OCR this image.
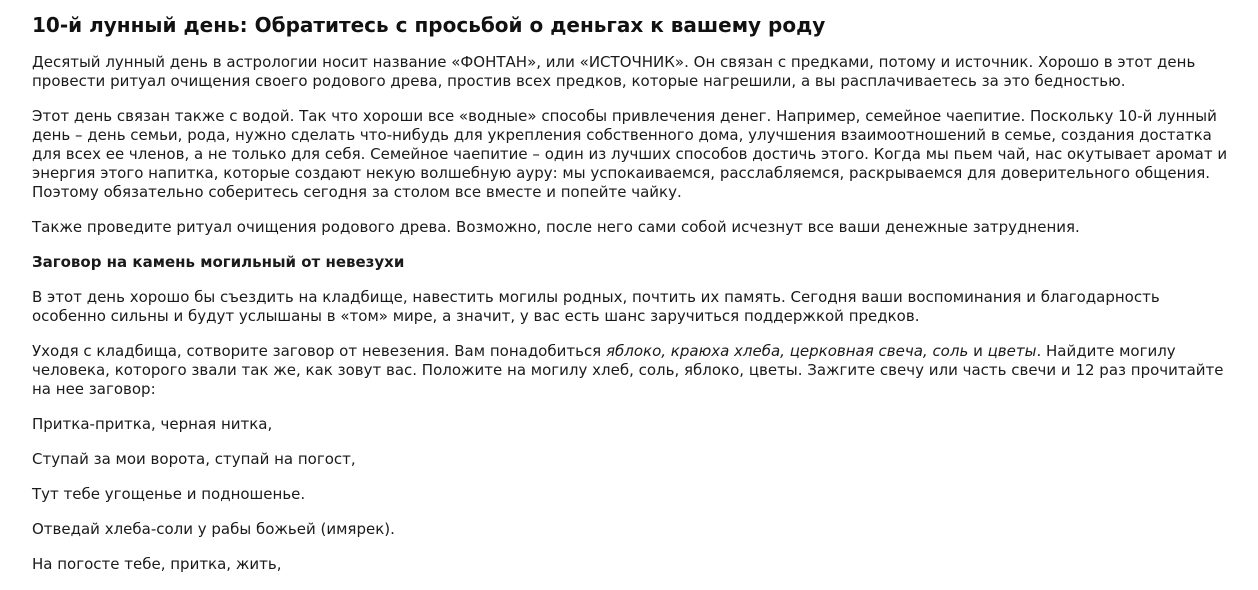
10-й лунный день: Обратитесь с просьбой о деньгах к вашему роду

Десятый лунный день в астрологии носит название «ФОНТАН», или «ИСТОЧНИК». Он связан с предками, потому и источник. Хорошо в этот день провести ритуал очищения своего родового древа, простив всех предков, которые нагрешили, а вы расплачиваетесь за это бедностью.

Этот день связан также с водой. Так что хороши все «водные» способы привлечения денег. Например, семейное чаепитие. Поскольку 10-й лунный день – день семьи, рода, нужно сделать что-нибудь для укрепления собственного дома, улучшения взаимоотношений в семье, создания достатка для всех ее членов, а не только для себя. Семейное чаепитие – один из лучших способов достичь этого. Когда мы пьем чай, нас окутывает аромат и энергия этого напитка, которые создают некую волшебную ауру: мы успокаиваемся, расслабляемся, раскрываемся для доверительного общения. Поэтому обязательно соберитесь сегодня за столом все вместе и попейте чайку.

Также проведите ритуал очищения родового древа. Возможно, после него сами собой исчезнут все ваши денежные затруднения.

Заговор на камень могильный от невезухи

В этот день хорошо бы съездить на кладбище, навестить могилы родных, почтить их память. Сегодня ваши воспоминания и благодарность особенно сильны и будут услышаны в «том» мире, а значит, у вас есть шанс заручиться поддержкой предков.

Уходя с кладбища, сотворите заговор от невезения. Вам понадобиться яблоко, краюха хлеба, церковная свеча, соль и цветы. Найдите могилу человека, которого звали так же, как зовут вас. Положите на могилу хлеб, соль, яблоко, цветы. Зажгите свечу или часть свечи и 12 раз прочитайте на нее заговор:

Притка-притка, черная нитка,

Ступай за мои ворота, ступай на погост,

Тут тебе угощенье и подношенье.

Отведай хлеба-соли у рабы божьей (имярек).

На погосте тебе, притка, жить,
